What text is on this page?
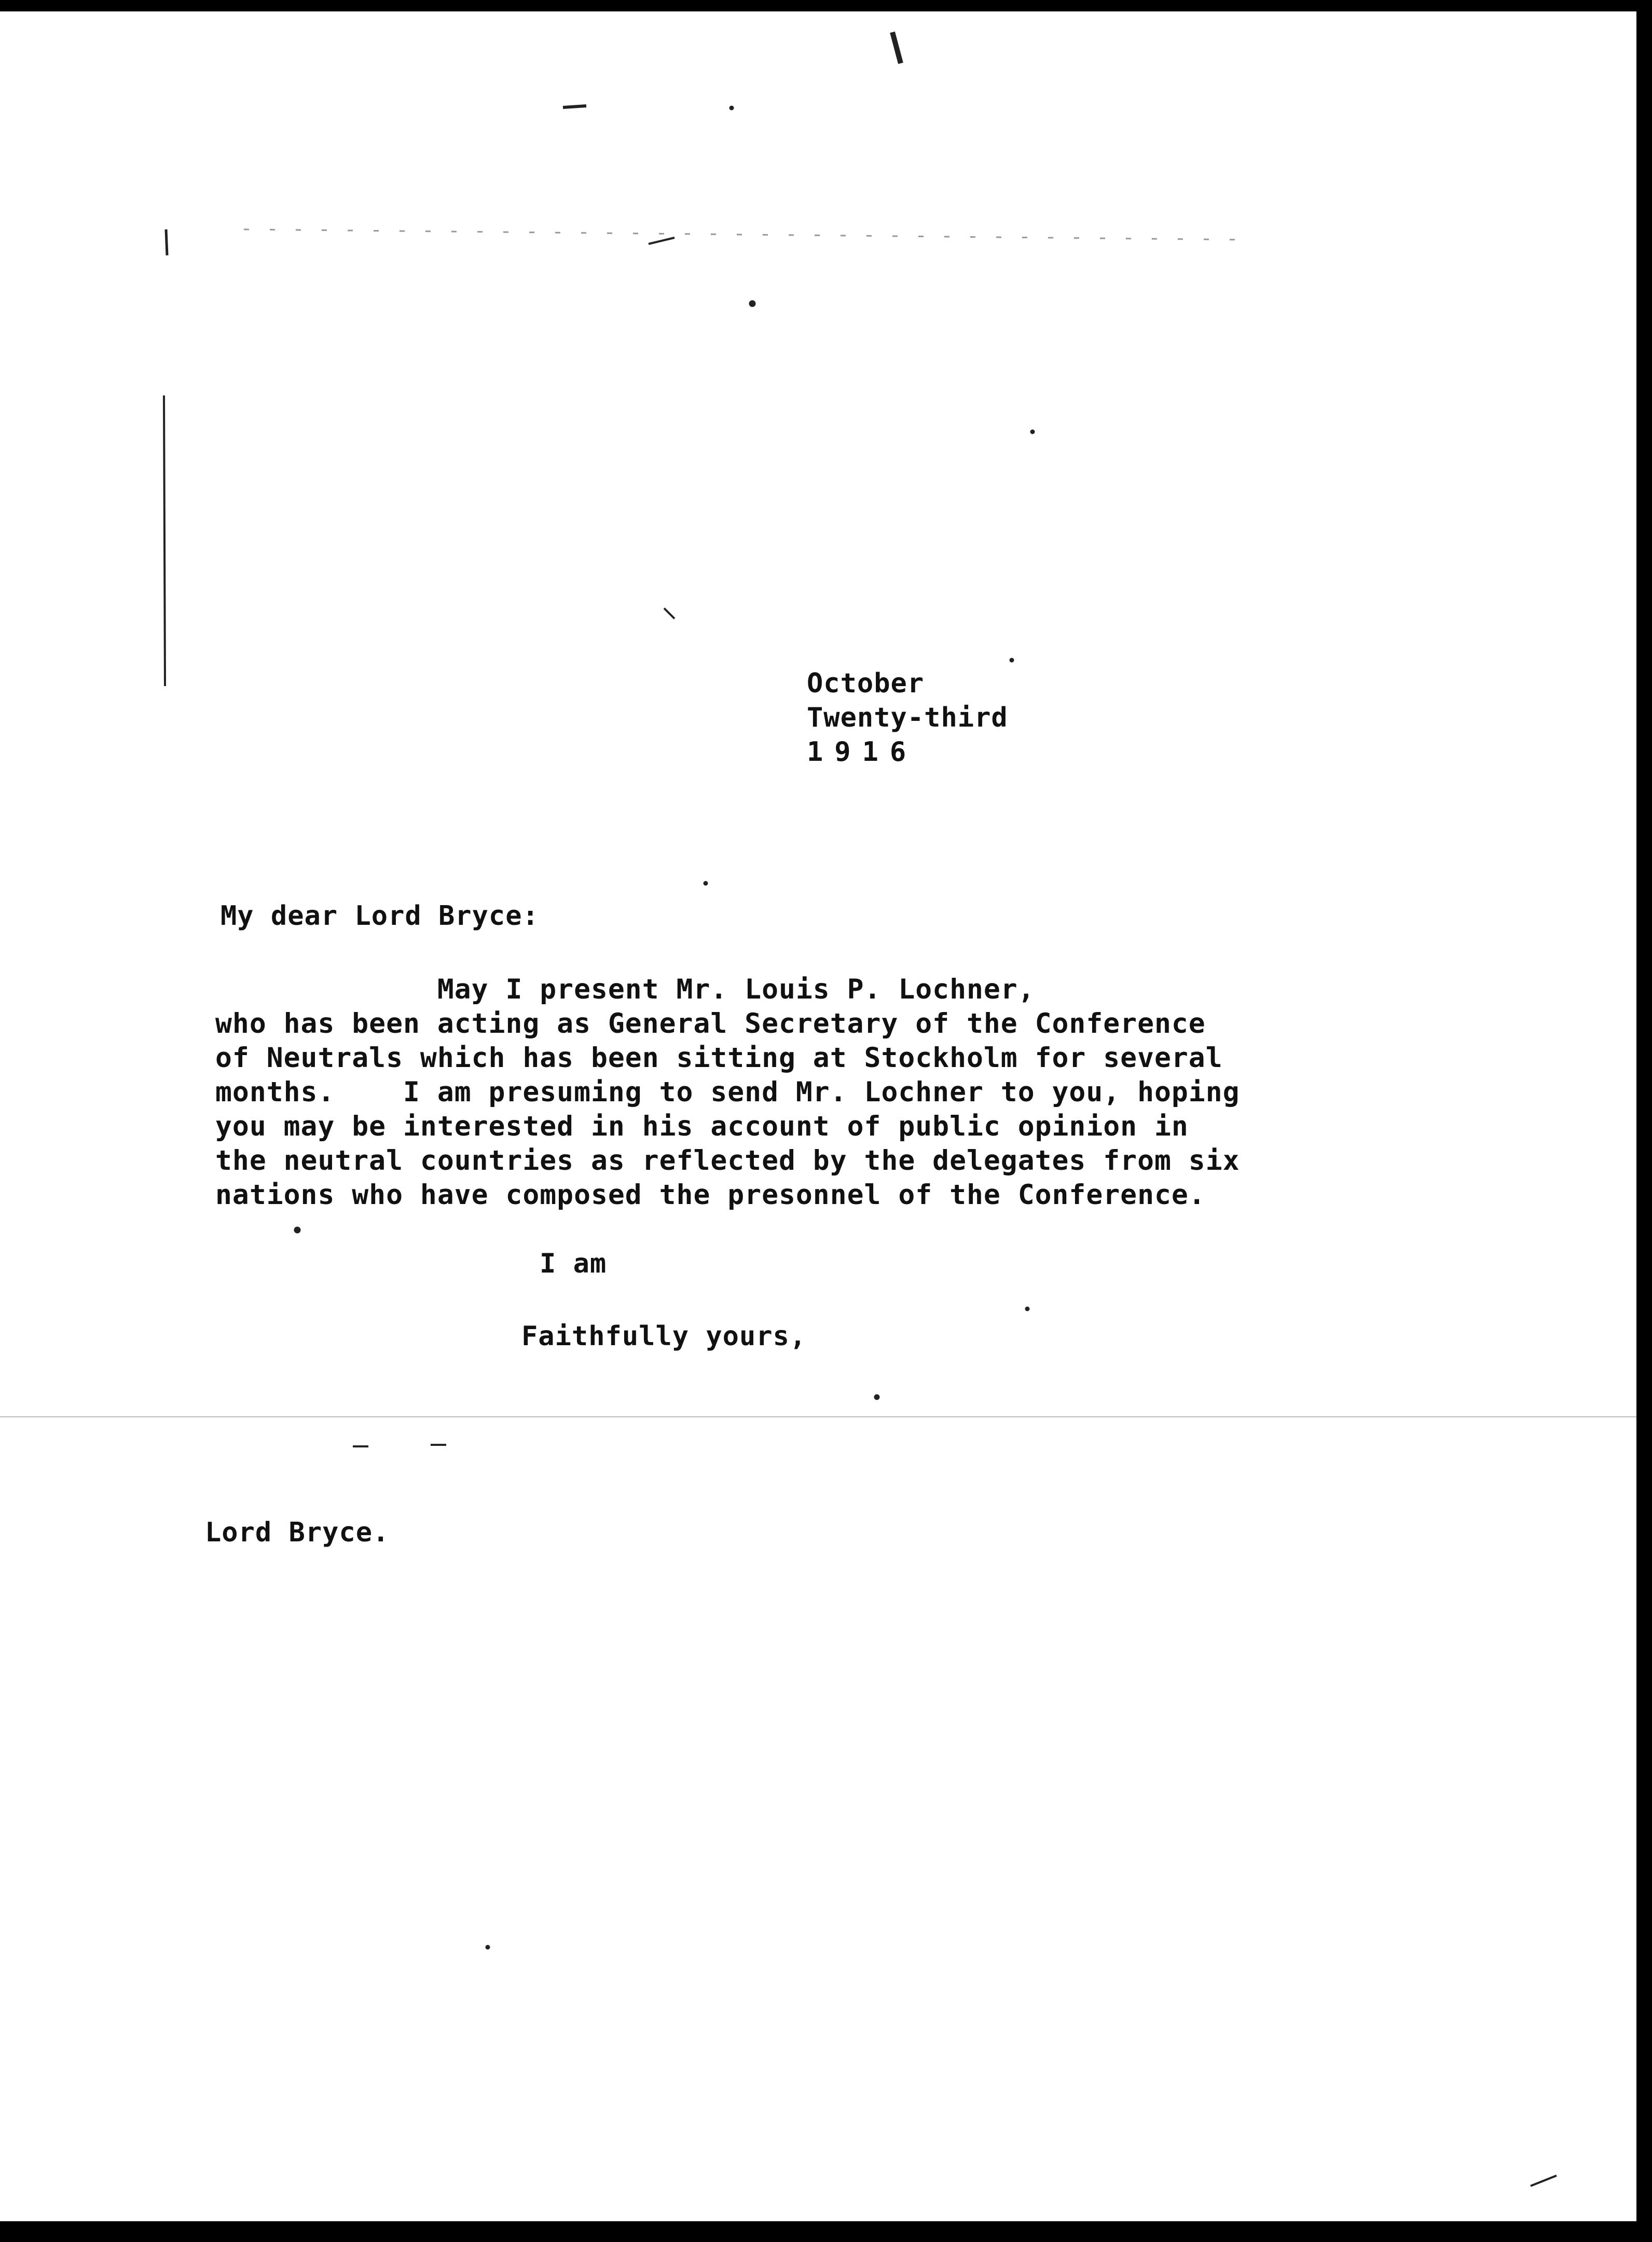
October
Twenty-third
1916
My dear Lord Bryce:
May I present Mr. Louis P. Lochner,
who has been acting as General Secretary of the Conference
of Neutrals which has been sitting at Stockholm for several
months.    I am presuming to send Mr. Lochner to you, hoping
you may be interested in his account of public opinion in
the neutral countries as reflected by the delegates from six
nations who have composed the presonnel of the Conference.
I am
Faithfully yours,
Lord Bryce.
